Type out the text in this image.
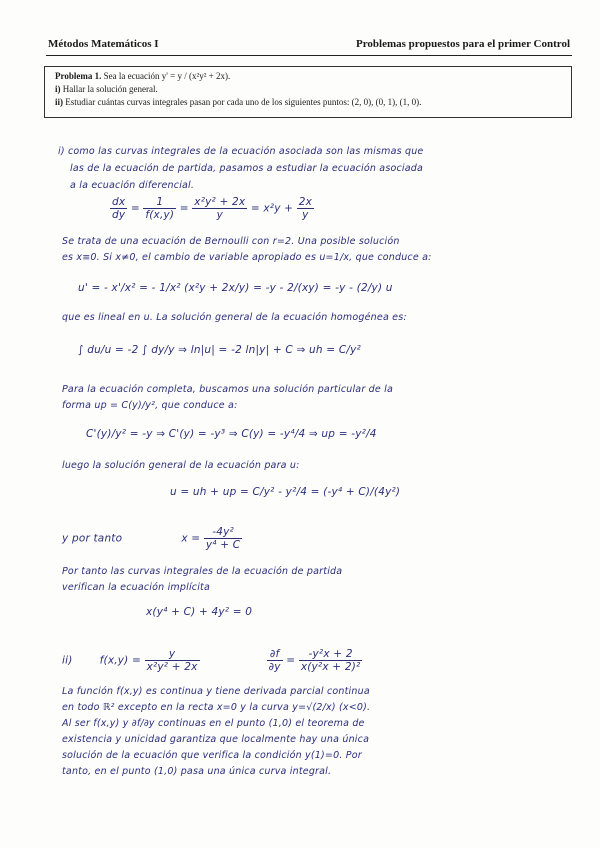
Métodos Matemáticos I	Problemas propuestos para el primer Control
Problema 1. Sea la ecuación y' = y / (x²y² + 2x).
i) Hallar la solución general.
ii) Estudiar cuántas curvas integrales pasan por cada uno de los siguientes puntos: (2, 0), (0, 1), (1, 0).
i) como las curvas integrales de la ecuación asociada son las mismas que
las de la ecuación de partida, pasamos a estudiar la ecuación asociada
a la ecuación diferencial.
$\frac{dx}{dy} = \frac{1}{f(x,y)} = \frac{\text{x²y² + 2x}}{y} = x^2y + \frac{2x}{y}$
Se trata de una ecuación de Bernoulli con r=2. Una posible solución
es x≡0. Si x≠0, el cambio de variable apropiado es u=1/x, que conduce a:
u' = - x'/x² = - 1/x² (x²y + 2x/y) = -y - 2/(xy) = -y - (2/y) u
que es lineal en u. La solución general de la ecuación homogénea es:
∫ du/u = -2 ∫ dy/y ⇒ ln|u| = -2 ln|y| + C ⇒ uh = C/y²
Para la ecuación completa, buscamos una solución particular de la
forma up = C(y)/y², que conduce a:
C'(y)/y² = -y ⇒ C'(y) = -y³ ⇒ C(y) = -y⁴/4 ⇒ up = -y²/4
luego la solución general de la ecuación para u:
u = uh + up = C/y² - y²/4 = (-y⁴ + C)/(4y²)
y por tanto	$x = \frac{\text{-4y²}}{\text{y⁴ + C}}$
Por tanto las curvas integrales de la ecuación de partida
verifican la ecuación implícita
x(y⁴ + C) + 4y² = 0
ii)	$f(x,y) = \frac{y}{\text{x²y² + 2x}}$
	$\frac{\partial f}{\partial y} = \frac{\text{-y²x + 2}}{\text{x(y²x + 2)²}}$
La función f(x,y) es continua y tiene derivada parcial continua
en todo ℝ² excepto en la recta x=0 y la curva y=√(2/x) (x<0).
Al ser f(x,y) y ∂f/∂y continuas en el punto (1,0) el teorema de
existencia y unicidad garantiza que localmente hay una única
solución de la ecuación que verifica la condición y(1)=0. Por
tanto, en el punto (1,0) pasa una única curva integral.
